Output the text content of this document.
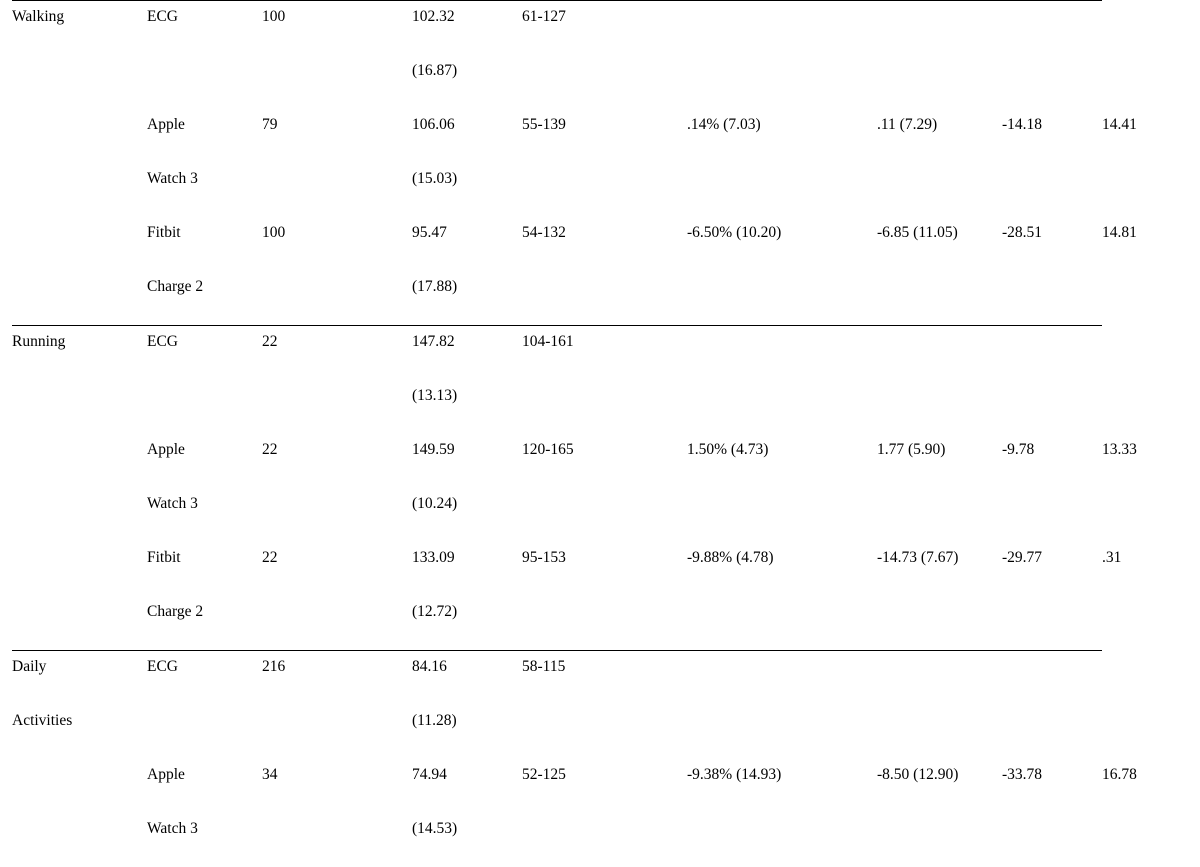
Walking	ECG	100	102.32	61-127				
			(16.87)					
	Apple	79	106.06	55-139	.14% (7.03)	.11 (7.29)	-14.18	14.41
	Watch 3		(15.03)					
	Fitbit	100	95.47	54-132	-6.50% (10.20)	-6.85 (11.05)	-28.51	14.81
	Charge 2		(17.88)					
Running	ECG	22	147.82	104-161				
			(13.13)					
	Apple	22	149.59	120-165	1.50% (4.73)	1.77 (5.90)	-9.78	13.33
	Watch 3		(10.24)					
	Fitbit	22	133.09	95-153	-9.88% (4.78)	-14.73 (7.67)	-29.77	.31
	Charge 2		(12.72)					
Daily	ECG	216	84.16	58-115				
Activities			(11.28)					
	Apple	34	74.94	52-125	-9.38% (14.93)	-8.50 (12.90)	-33.78	16.78
	Watch 3		(14.53)					
